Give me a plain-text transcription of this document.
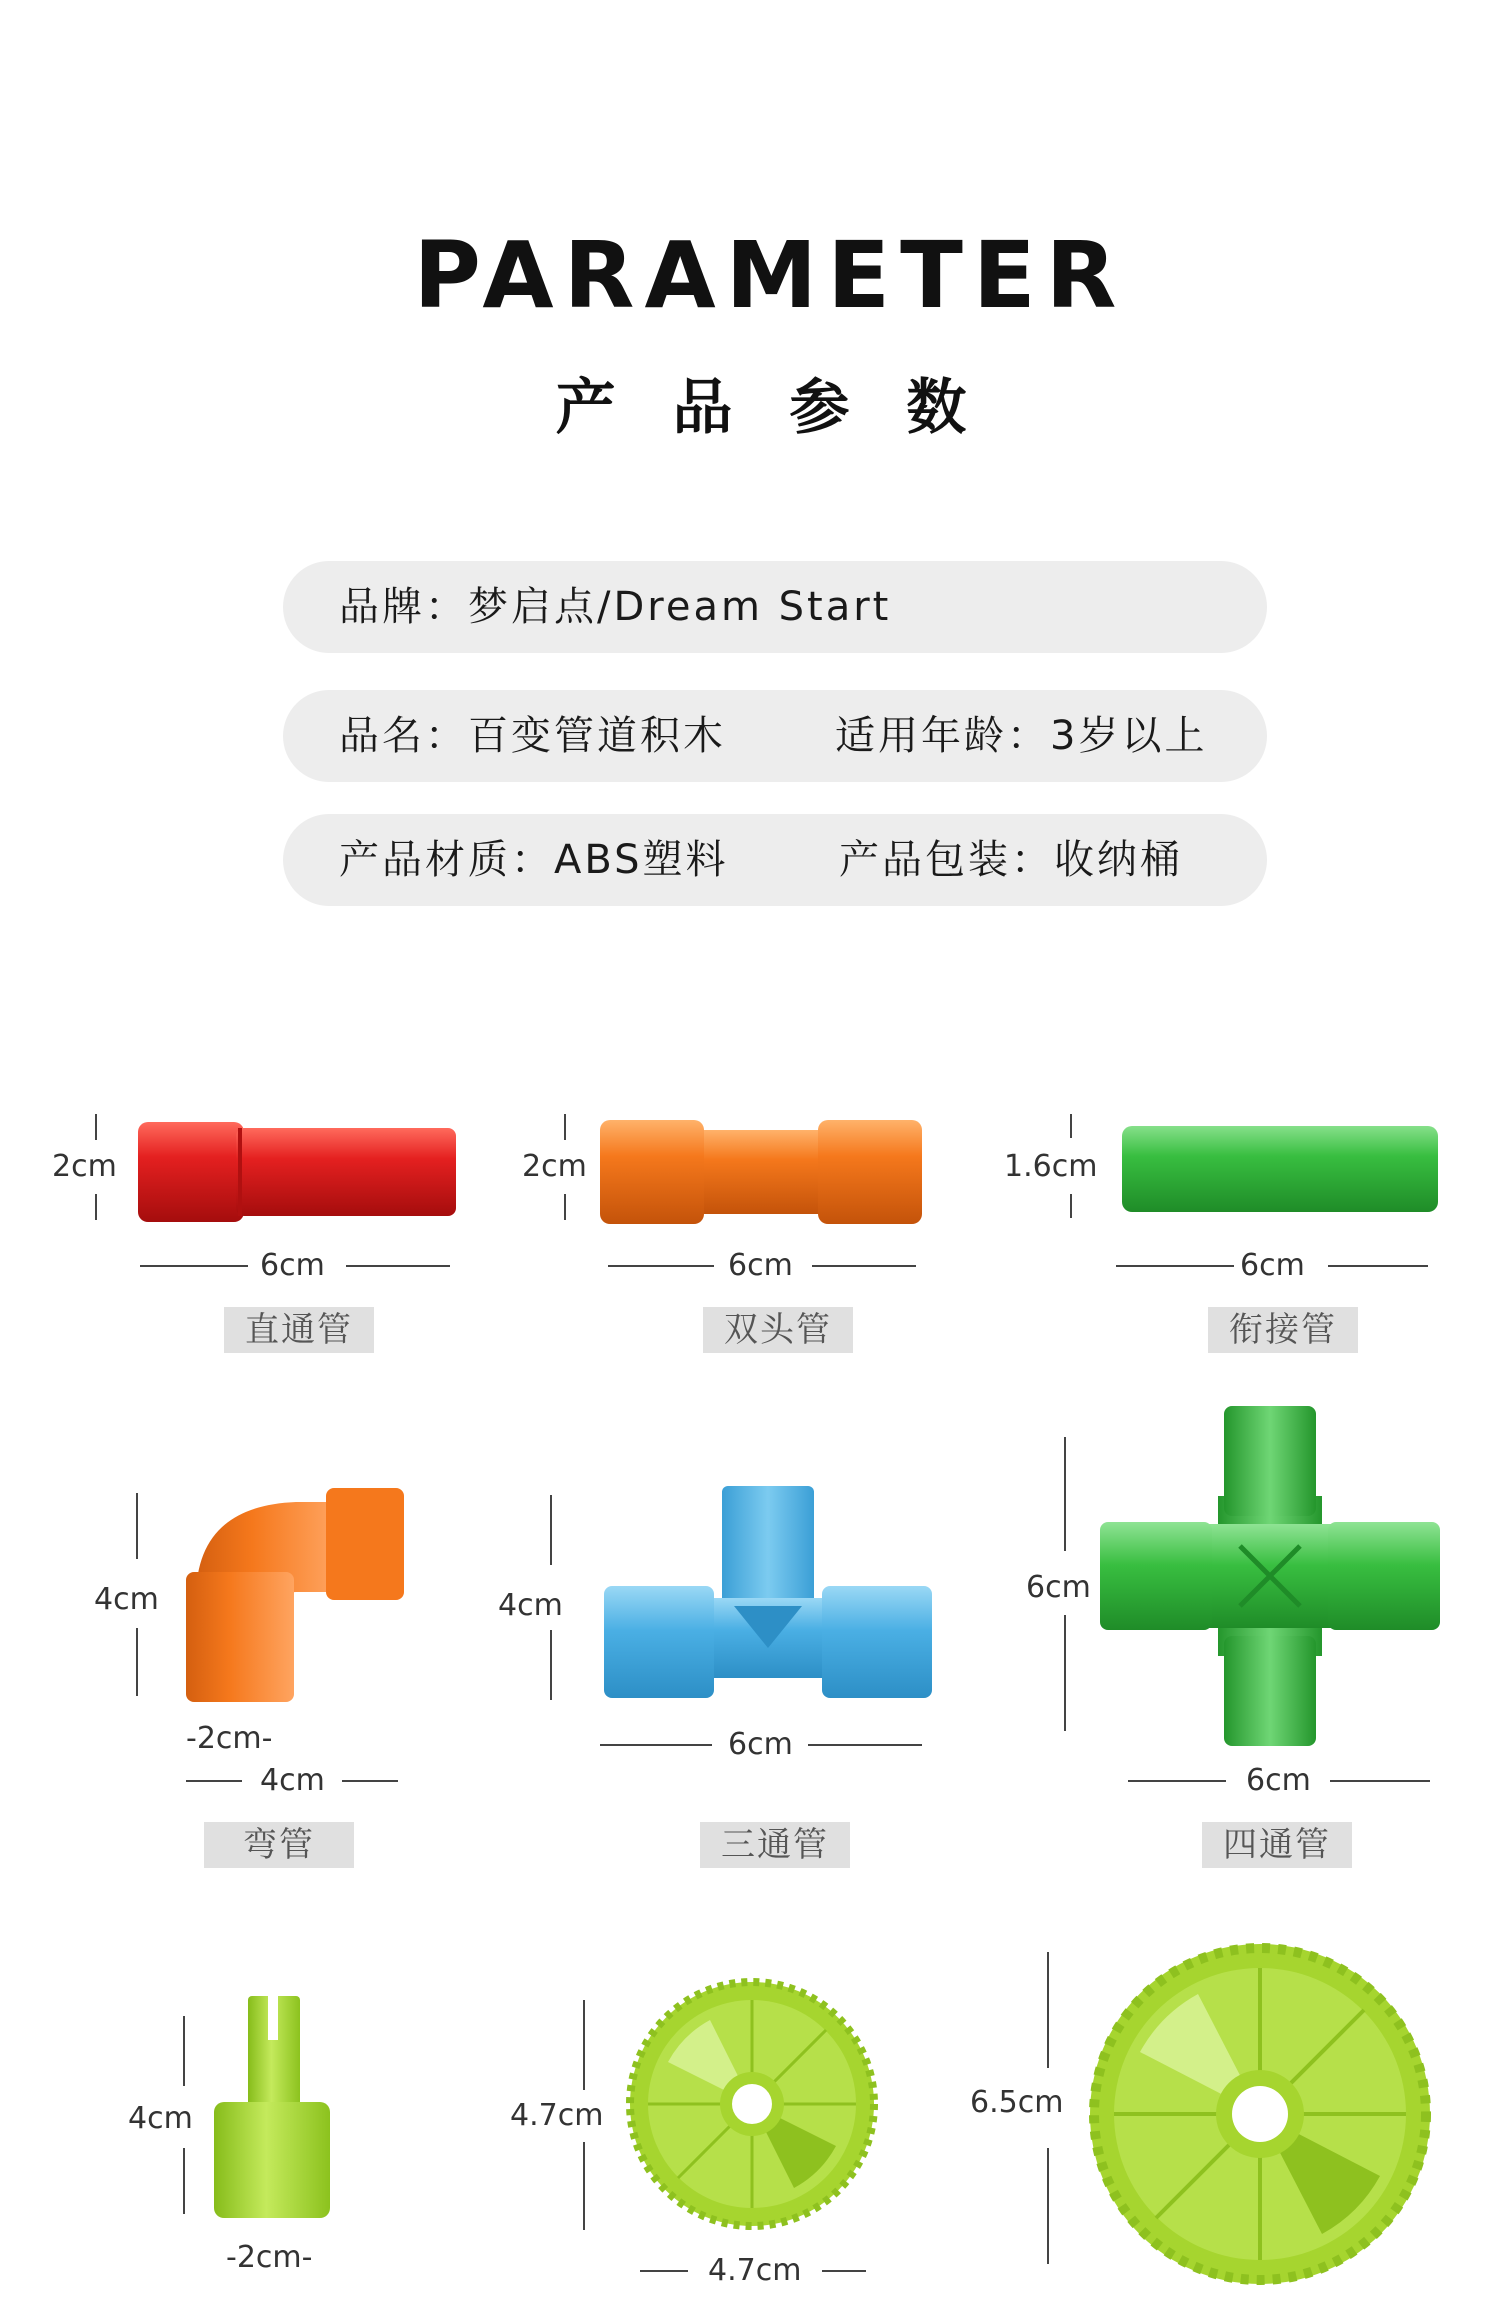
PARAMETER
产 品 参 数
品牌：梦启点/Dream Start
品名：百变管道积木	适用年龄：3岁以上
产品材质：ABS塑料	产品包装：收纳桶
2cm
6cm
直通管
2cm
6cm
双头管
1.6cm
6cm
衔接管
4cm
-2cm-
4cm
弯管
4cm
6cm
三通管
6cm
6cm
四通管
4cm
-2cm-
4.7cm
4.7cm
6.5cm
